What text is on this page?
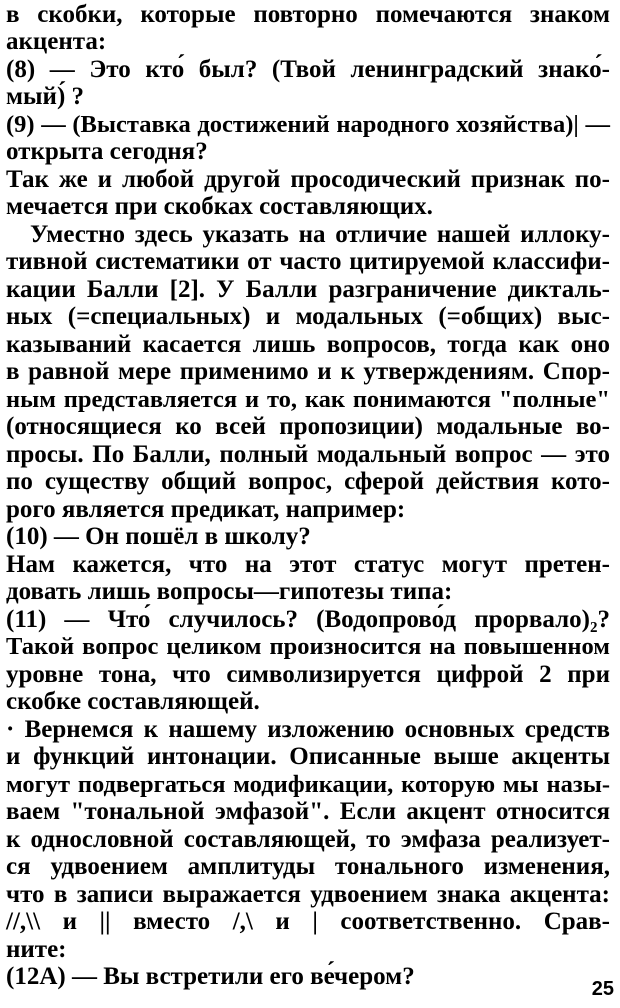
в скобки, которые повторно помечаются знаком
акцента:
(8) — Это кто́ был? (Твой ленинградский знако́-
мый)́ ?
(9) — (Выставка достижений народного хозяйства)| —
открыта сегодня?
Так же и любой другой просодический признак по-
мечается при скобках составляющих.
Уместно здесь указать на отличие нашей иллоку-
тивной систематики от часто цитируемой классифи-
кации Балли [2]. У Балли разграничение дикталь-
ных (=специальных) и модальных (=общих) выс-
казываний касается лишь вопросов, тогда как оно
в равной мере применимо и к утверждениям. Спор-
ным представляется и то, как понимаются "полные"
(относящиеся ко всей пропозиции) модальные во-
просы. По Балли, полный модальный вопрос — это
по существу общий вопрос, сферой действия кото-
рого является предикат, например:
(10) — Он пошёл в школу?
Нам кажется, что на этот статус могут претен-
довать лишь вопросы—гипотезы типа:
(11) — Что́ случилось? (Водопрово́д прорвало)₂?
Такой вопрос целиком произносится на повышенном
уровне тона, что символизируется цифрой 2 при
скобке составляющей.
· Вернемся к нашему изложению основных средств
и функций интонации. Описанные выше акценты
могут подвергаться модификации, которую мы назы-
ваем "тональной эмфазой". Если акцент относится
к однословной составляющей, то эмфаза реализует-
ся удвоением амплитуды тонального изменения,
что в записи выражается удвоением знака акцента:
//,\\ и || вместо /,\ и | соответственно. Срав-
ните:
(12А) — Вы встретили его ве́чером?	25
